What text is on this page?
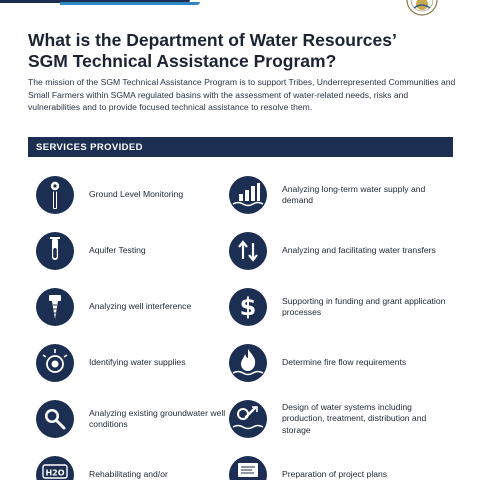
What is the Department of Water Resources’
SGM Technical Assistance Program?

The mission of the SGM Technical Assistance Program is to support Tribes, Underrepresented Communities and Small Farmers within SGMA regulated basins with the assessment of water-related needs, risks and vulnerabilities and to provide focused technical assistance to resolve them.

SERVICES PROVIDED
Ground Level Monitoring
Analyzing long-term water supply and demand
Aquifer Testing	Analyzing and facilitating water transfers
Analyzing well interference	$	Supporting in funding and grant application processes
Identifying water supplies	Determine fire flow requirements
Analyzing existing groundwater well conditions
Design of water systems including production, treatment, distribution and storage
H2O	Rehabilitating and/or	Preparation of project plans
